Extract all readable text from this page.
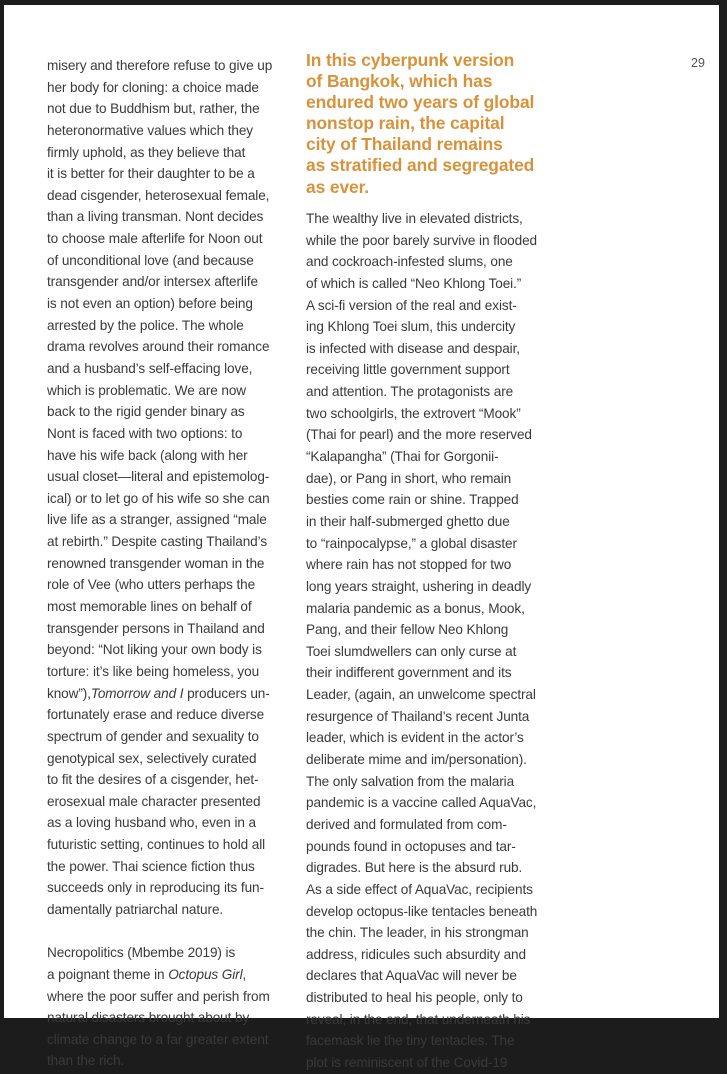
29
misery and therefore refuse to give up
her body for cloning: a choice made
not due to Buddhism but, rather, the
heteronormative values which they
firmly uphold, as they believe that
it is better for their daughter to be a
dead cisgender, heterosexual female,
than a living transman. Nont decides
to choose male afterlife for Noon out
of unconditional love (and because
transgender and/or intersex afterlife
is not even an option) before being
arrested by the police. The whole
drama revolves around their romance
and a husband’s self-effacing love,
which is problematic. We are now
back to the rigid gender binary as
Nont is faced with two options: to
have his wife back (along with her
usual closet—literal and epistemolog-
ical) or to let go of his wife so she can
live life as a stranger, assigned “male
at rebirth.” Despite casting Thailand’s
renowned transgender woman in the
role of Vee (who utters perhaps the
most memorable lines on behalf of
transgender persons in Thailand and
beyond: “Not liking your own body is
torture: it’s like being homeless, you
know”),Tomorrow and I producers un-
fortunately erase and reduce diverse
spectrum of gender and sexuality to
genotypical sex, selectively curated
to fit the desires of a cisgender, het-
erosexual male character presented
as a loving husband who, even in a
futuristic setting, continues to hold all
the power. Thai science fiction thus
succeeds only in reproducing its fun-
damentally patriarchal nature.
Necropolitics (Mbembe 2019) is
a poignant theme in Octopus Girl,
where the poor suffer and perish from
natural disasters brought about by
climate change to a far greater extent
than the rich.
In this cyberpunk version
of Bangkok, which has
endured two years of global
nonstop rain, the capital
city of Thailand remains
as stratified and segregated
as ever.
The wealthy live in elevated districts,
while the poor barely survive in flooded
and cockroach-infested slums, one
of which is called “Neo Khlong Toei.”
A sci-fi version of the real and exist-
ing Khlong Toei slum, this undercity
is infected with disease and despair,
receiving little government support
and attention. The protagonists are
two schoolgirls, the extrovert “Mook”
(Thai for pearl) and the more reserved
“Kalapangha” (Thai for Gorgonii-
dae), or Pang in short, who remain
besties come rain or shine. Trapped
in their half-submerged ghetto due
to “rainpocalypse,” a global disaster
where rain has not stopped for two
long years straight, ushering in deadly
malaria pandemic as a bonus, Mook,
Pang, and their fellow Neo Khlong
Toei slumdwellers can only curse at
their indifferent government and its
Leader, (again, an unwelcome spectral
resurgence of Thailand’s recent Junta
leader, which is evident in the actor’s
deliberate mime and im/personation).
The only salvation from the malaria
pandemic is a vaccine called AquaVac,
derived and formulated from com-
pounds found in octopuses and tar-
digrades. But here is the absurd rub.
As a side effect of AquaVac, recipients
develop octopus-like tentacles beneath
the chin. The leader, in his strongman
address, ridicules such absurdity and
declares that AquaVac will never be
distributed to heal his people, only to
reveal, in the end, that underneath his
facemask lie the tiny tentacles. The
plot is reminiscent of the Covid-19
